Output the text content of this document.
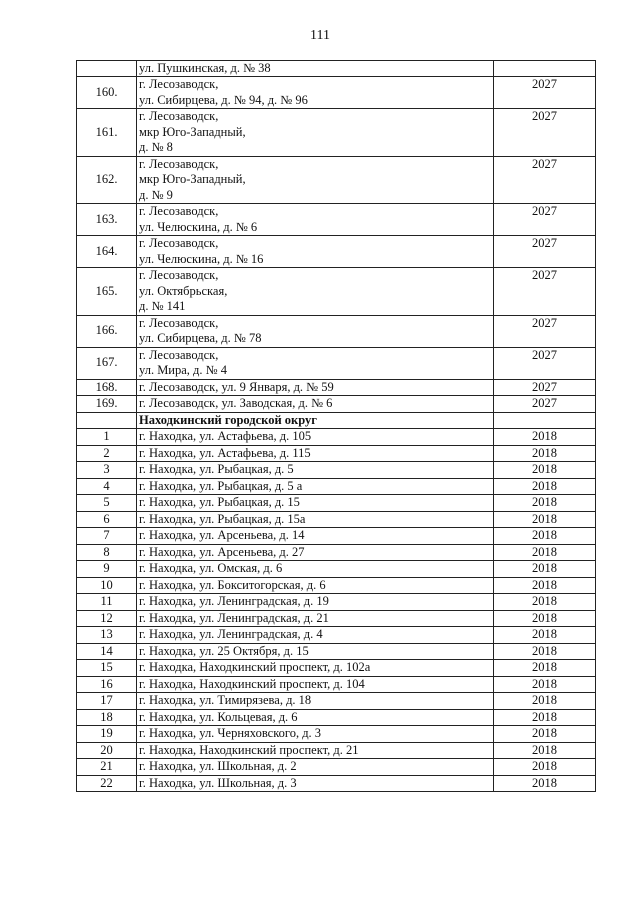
111

	ул. Пушкинская, д. № 38	

160.	г. Лесозаводск,
ул. Сибирцева, д. № 94, д. № 96	2027
161.	г. Лесозаводск,
мкр Юго-Западный,
д. № 8	2027
162.	г. Лесозаводск,
мкр Юго-Западный,
д. № 9	2027
163.	г. Лесозаводск,
ул. Челюскина, д. № 6	2027
164.	г. Лесозаводск,
ул. Челюскина, д. № 16	2027
165.	г. Лесозаводск,
ул. Октябрьская,
д. № 141	2027
166.	г. Лесозаводск,
ул. Сибирцева, д. № 78	2027
167.	г. Лесозаводск,
ул. Мира, д. № 4	2027
168.	г. Лесозаводск, ул. 9 Января, д. № 59	2027
169.	г. Лесозаводск, ул. Заводская, д. № 6	2027
	Находкинский городской округ	
1	г. Находка, ул. Астафьева, д. 105	2018
2	г. Находка, ул. Астафьева, д. 115	2018
3	г. Находка, ул. Рыбацкая, д. 5	2018
4	г. Находка, ул. Рыбацкая, д. 5 а	2018
5	г. Находка, ул. Рыбацкая, д. 15	2018
6	г. Находка, ул. Рыбацкая, д. 15а	2018
7	г. Находка, ул. Арсеньева, д. 14	2018
8	г. Находка, ул. Арсеньева, д. 27	2018
9	г. Находка, ул. Омская, д. 6	2018
10	г. Находка, ул. Бокситогорская, д. 6	2018
11	г. Находка, ул. Ленинградская, д. 19	2018
12	г. Находка, ул. Ленинградская, д. 21	2018
13	г. Находка, ул. Ленинградская, д. 4	2018
14	г. Находка, ул. 25 Октября, д. 15	2018
15	г. Находка, Находкинский проспект, д. 102а	2018
16	г. Находка, Находкинский проспект, д. 104	2018
17	г. Находка, ул. Тимирязева, д. 18	2018
18	г. Находка, ул. Кольцевая, д. 6	2018
19	г. Находка, ул. Черняховского, д. 3	2018
20	г. Находка, Находкинский проспект, д. 21	2018
21	г. Находка, ул. Школьная, д. 2	2018
22	г. Находка, ул. Школьная, д. 3	2018
